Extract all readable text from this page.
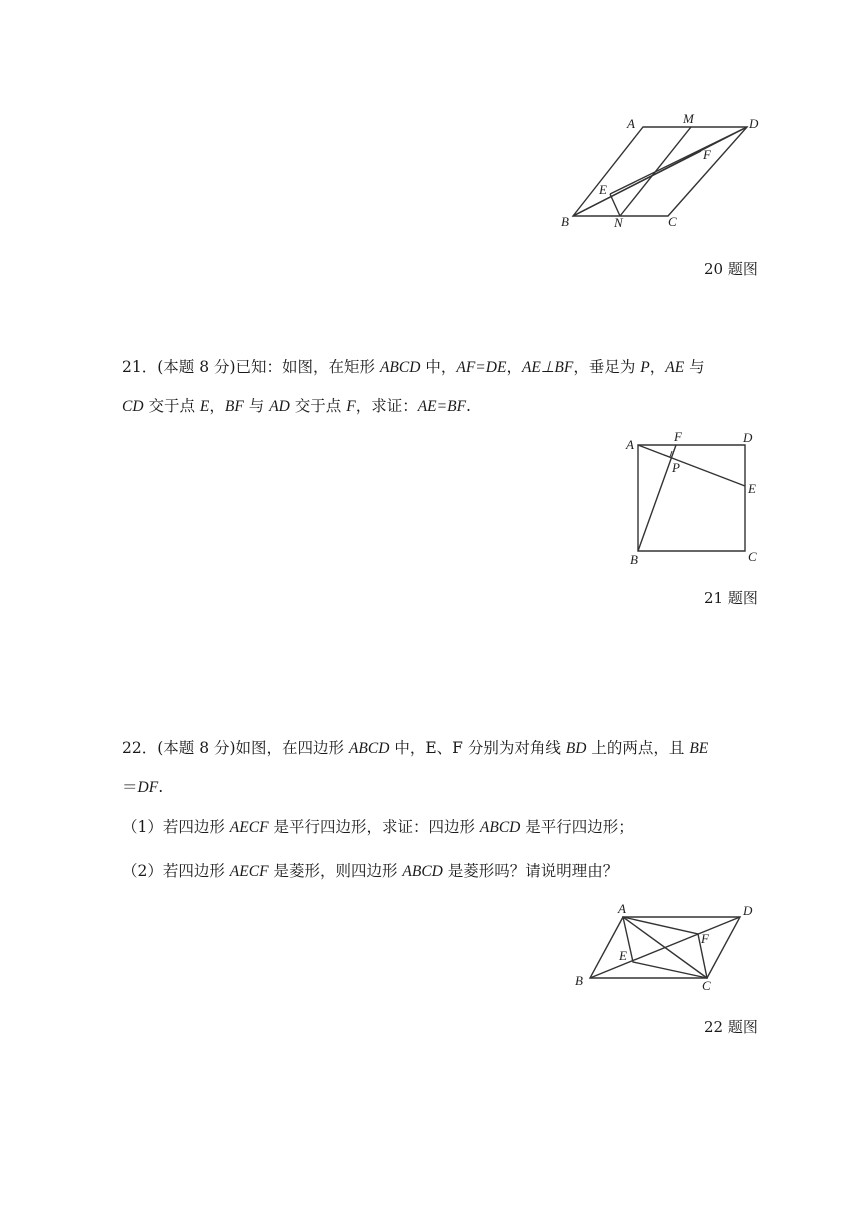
A	M	D
F
E
B	N	C
20 题图

21．(本题 8 分)已知：如图，在矩形 ABCD 中，AF=DE，AE⊥BF，垂足为 P，AE 与
CD 交于点 E，BF 与 AD 交于点 F，求证：AE=BF.

A
F	D
P
E
B	C
21 题图

22．(本题 8 分)如图，在四边形 ABCD 中，E、F 分别为对角线 BD 上的两点，且 BE
＝DF.

（1）若四边形 AECF 是平行四边形，求证：四边形 ABCD 是平行四边形；

（2）若四边形 AECF 是菱形，则四边形 ABCD 是菱形吗？请说明理由？

A	D
F
E
B	C
22 题图
